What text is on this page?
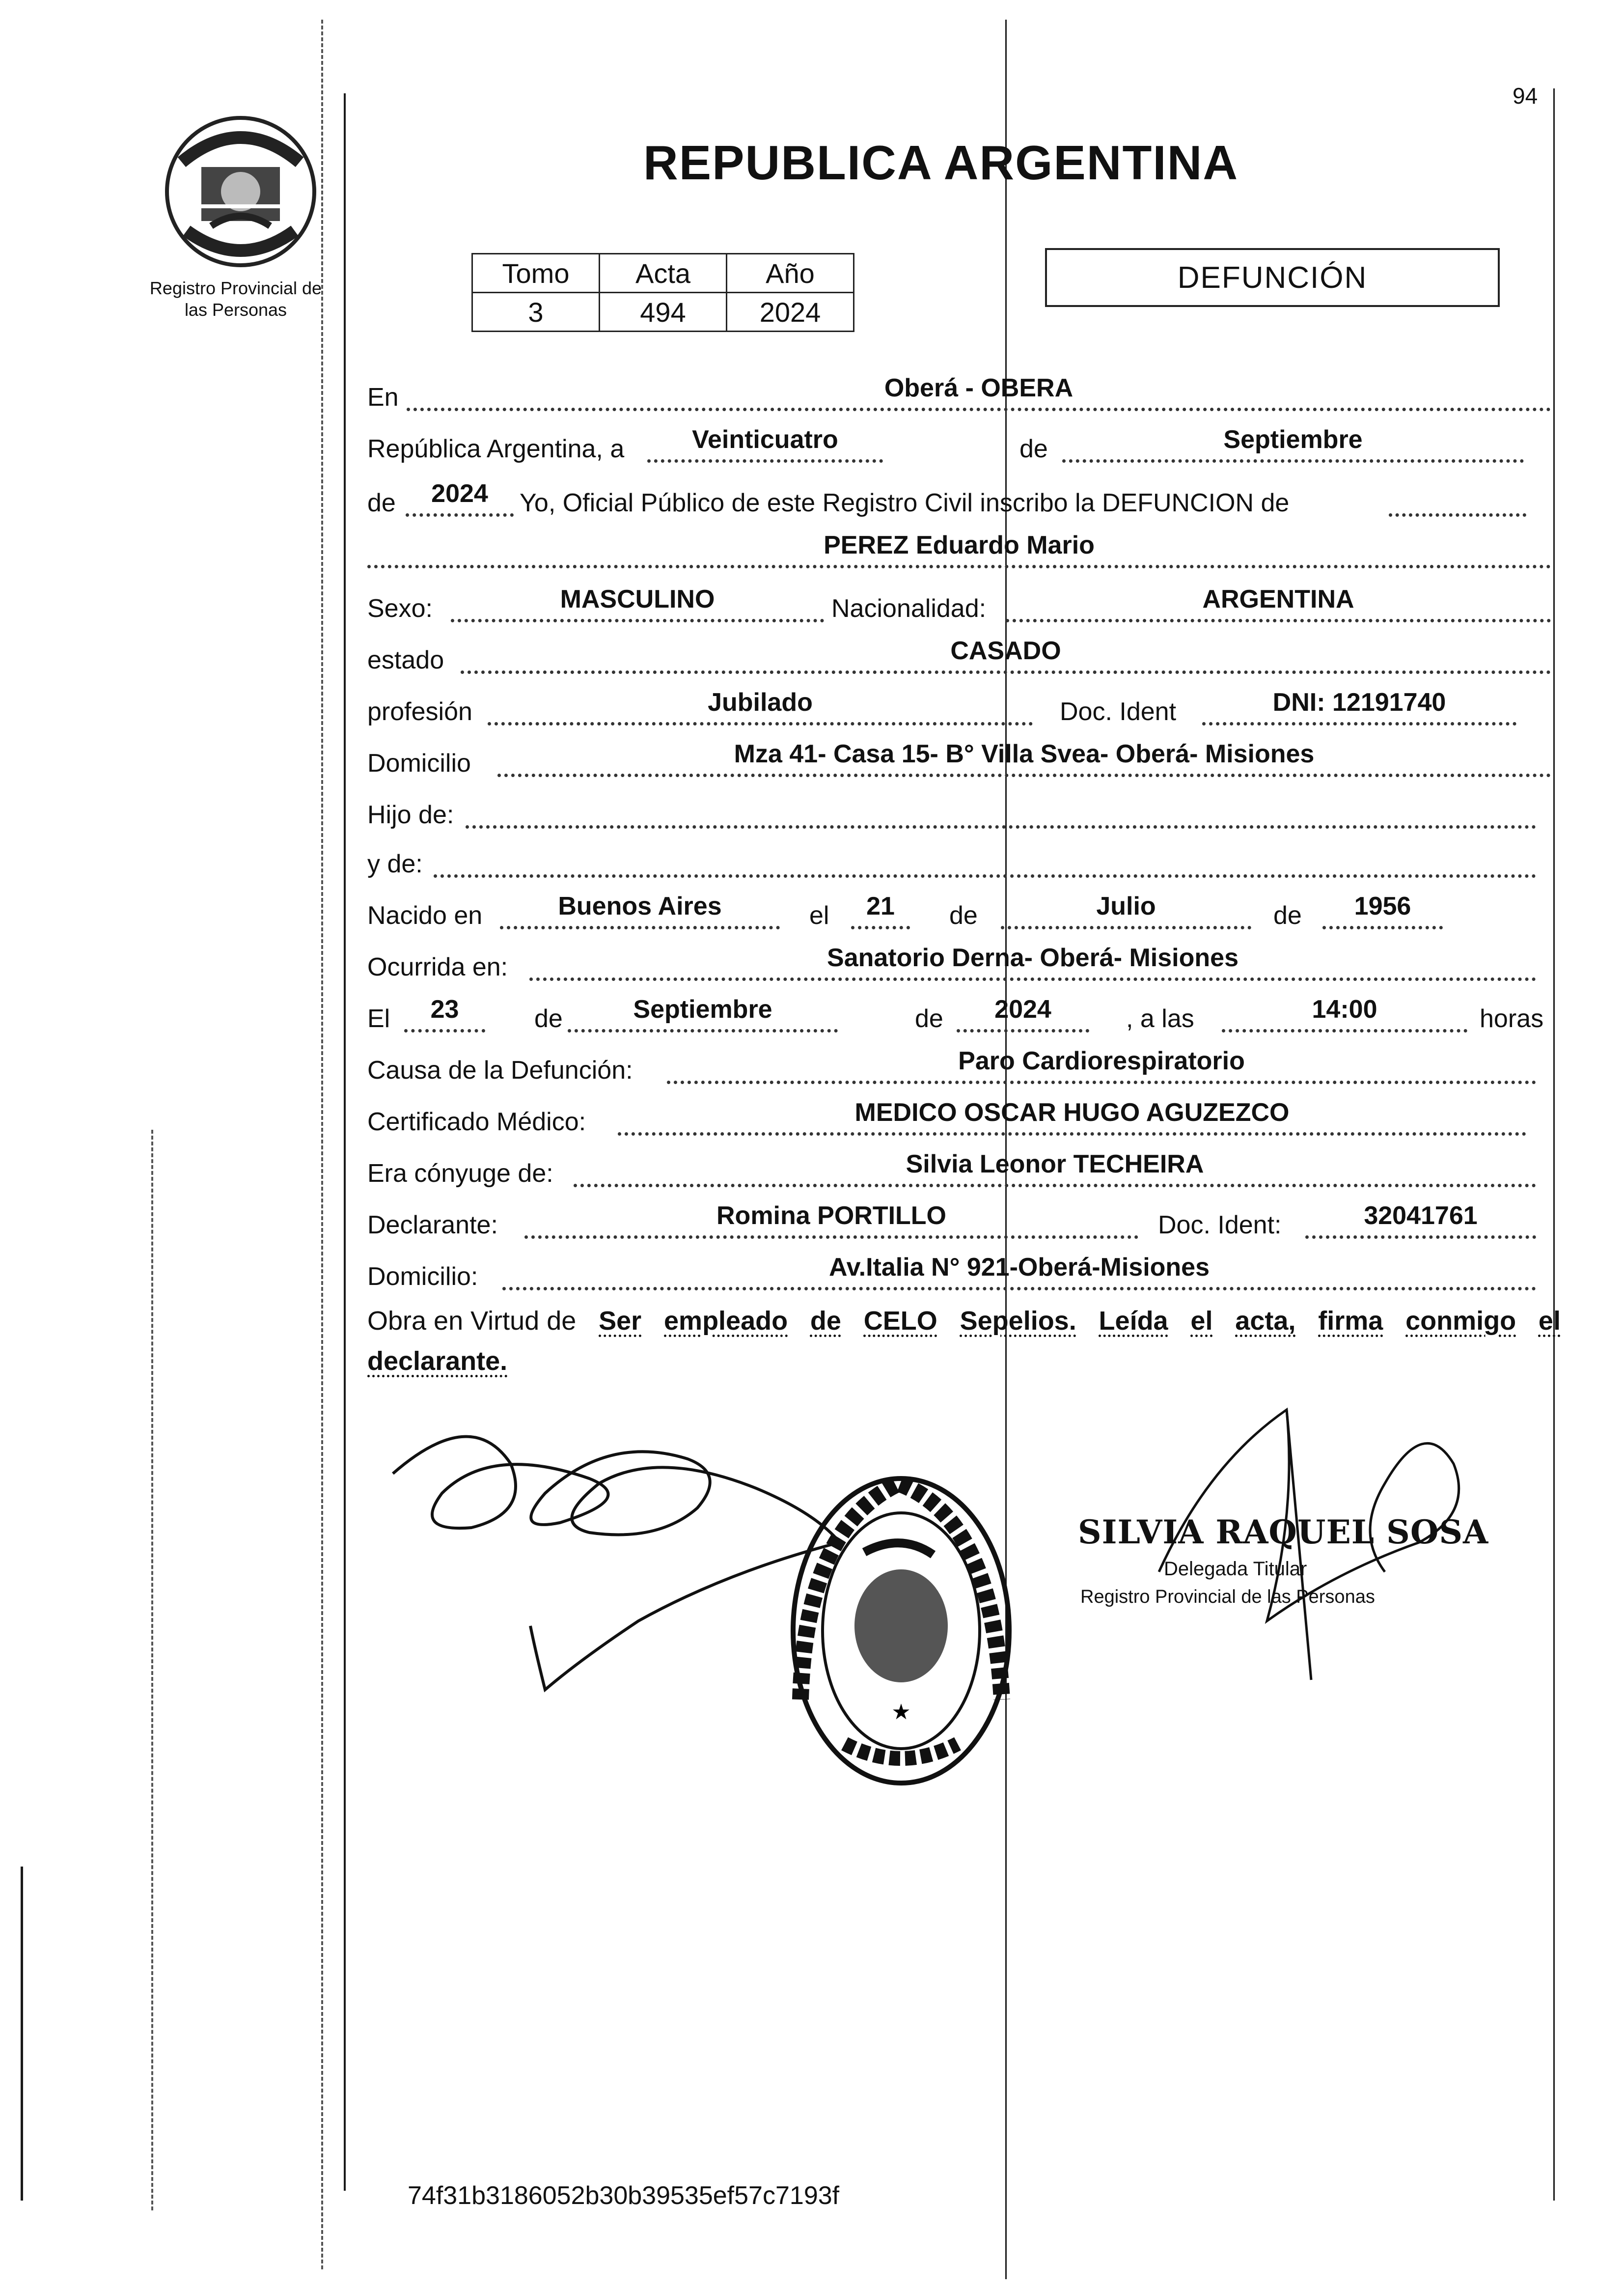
94
Registro Provincial de
las Personas
REPUBLICA ARGENTINA
Tomo	Acta	Año
3	494	2024
DEFUNCIÓN
En	Oberá - OBERA
República Argentina, a	Veinticuatro	de	Septiembre
de	2024	Yo, Oficial Público de este Registro Civil inscribo la DEFUNCION de
PEREZ Eduardo Mario
Sexo:	MASCULINO	Nacionalidad:	ARGENTINA
estado	CASADO
profesión	Jubilado	Doc. Ident	DNI: 12191740
Domicilio	Mza 41- Casa 15- B° Villa Svea- Oberá- Misiones
Hijo de:
y de:
Nacido en	Buenos Aires	el	21	de	Julio	de	1956
Ocurrida en:	Sanatorio Derna- Oberá- Misiones
El	23	de	Septiembre	de	2024	, a las	14:00	horas
Causa de la Defunción:	Paro Cardiorespiratorio
Certificado Médico:	MEDICO OSCAR HUGO AGUZEZCO
Era cónyuge de:	Silvia Leonor TECHEIRA
Declarante:	Romina PORTILLO	Doc. Ident:	32041761
Domicilio:	Av.Italia N° 921-Oberá-Misiones
Obra en Virtud de Ser empleado de CELO Sepelios. Leída el acta, firma conmigo el
declarante.
★
SILVIA RAQUEL SOSA
Delegada Titular
Registro Provincial de las Personas
74f31b3186052b30b39535ef57c7193f
